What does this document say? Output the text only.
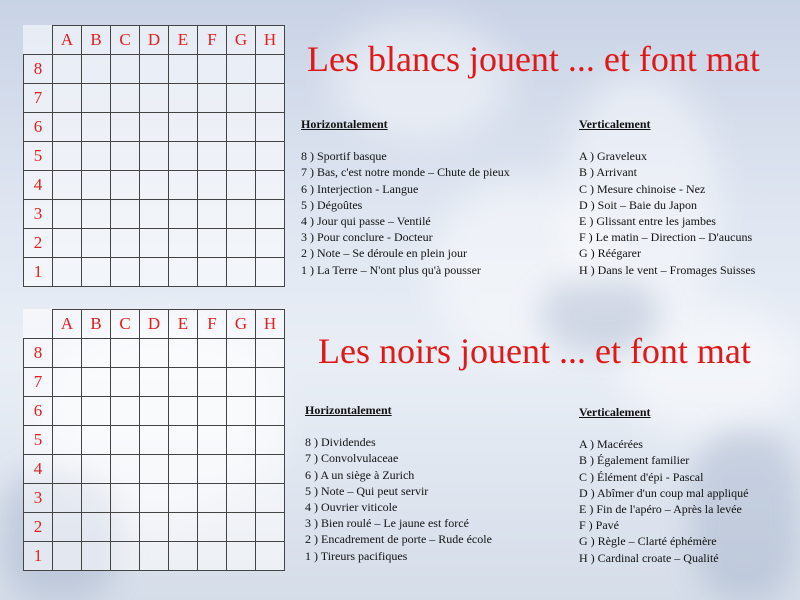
	A	B	C	D	E	F	G	H
8								
7								
6								
5								
4								
3								
2								
1								
	A	B	C	D	E	F	G	H
8								
7								
6								
5								
4								
3								
2								
1								
Les blancs jouent ... et font mat
Horizontalement
8 ) Sportif basque
7 ) Bas, c'est notre monde – Chute de pieux
6 ) Interjection - Langue
5 ) Dégoûtes
4 ) Jour qui passe – Ventilé
3 ) Pour conclure - Docteur
2 ) Note – Se déroule en plein jour
1 ) La Terre – N'ont plus qu'à pousser
Verticalement
A ) Graveleux
B ) Arrivant
C ) Mesure chinoise - Nez
D ) Soit – Baie du Japon
E ) Glissant entre les jambes
F ) Le matin – Direction – D'aucuns
G ) Réégarer
H ) Dans le vent – Fromages Suisses
Les noirs jouent ... et font mat
Horizontalement
8 ) Dividendes
7 ) Convolvulaceae
6 ) A un siège à Zurich
5 ) Note – Qui peut servir
4 ) Ouvrier viticole
3 ) Bien roulé – Le jaune est forcé
2 ) Encadrement de porte – Rude école
1 ) Tireurs pacifiques
Verticalement
A ) Macérées
B ) Également familier
C ) Élément d'épi - Pascal
D ) Abîmer d'un coup mal appliqué
E ) Fin de l'apéro – Après la levée
F ) Pavé
G ) Règle – Clarté éphémère
H ) Cardinal croate – Qualité
